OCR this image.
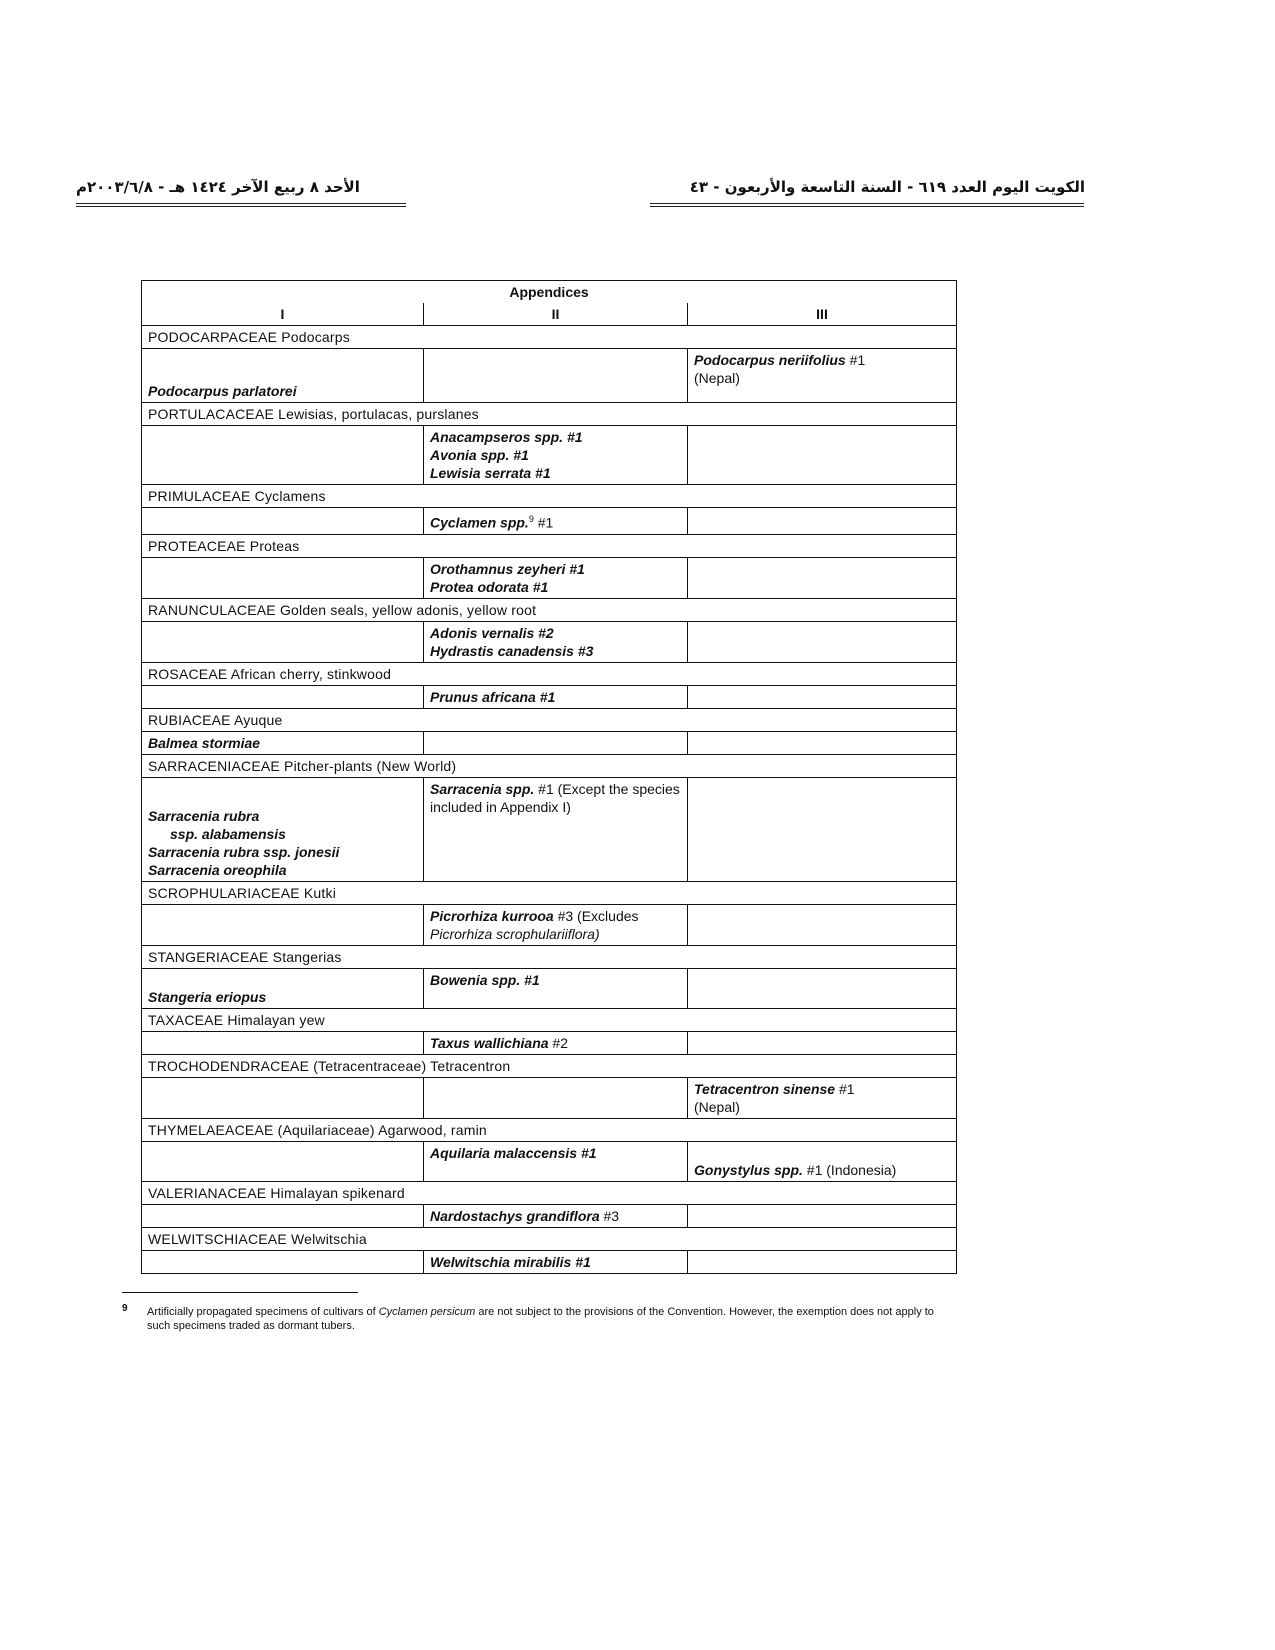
الأحد ٨ ربيع الآخر ١٤٢٤ هـ - ٢٠٠٣/٦/٨م	الكويت اليوم العدد ٦١٩ - السنة التاسعة والأربعون - ٤٣
Appendices		
I	II	III
PODOCARPACEAE Podocarps		
Podocarpus parlatorei		Podocarpus neriifolius #1
(Nepal)
PORTULACACEAE Lewisias, portulacas, purslanes		
	Anacampseros spp. #1
Avonia spp. #1
Lewisia serrata #1	
PRIMULACEAE Cyclamens		
	Cyclamen spp.$^9$ #1	
PROTEACEAE Proteas		
	Orothamnus zeyheri #1
Protea odorata #1	
RANUNCULACEAE Golden seals, yellow adonis, yellow root		
	Adonis vernalis #2
Hydrastis canadensis #3	
ROSACEAE African cherry, stinkwood		
	Prunus africana #1	
RUBIACEAE Ayuque		
Balmea stormiae		
SARRACENIACEAE Pitcher-plants (New World)		
Sarracenia rubra
ssp. alabamensis
Sarracenia rubra ssp. jonesii
Sarracenia oreophila	Sarracenia spp. #1 (Except the species included in Appendix I)	
SCROPHULARIACEAE Kutki		
	Picrorhiza kurrooa #3 (Excludes Picrorhiza scrophulariiflora)	
STANGERIACEAE Stangerias		
Stangeria eriopus	Bowenia spp. #1	
TAXACEAE Himalayan yew		
	Taxus wallichiana #2	
TROCHODENDRACEAE (Tetracentraceae) Tetracentron		
		Tetracentron sinense #1
(Nepal)
THYMELAEACEAE (Aquilariaceae) Agarwood, ramin		
	Aquilaria malaccensis #1	Gonystylus spp. #1 (Indonesia)
VALERIANACEAE Himalayan spikenard		
	Nardostachys grandiflora #3	
WELWITSCHIACEAE Welwitschia		
	Welwitschia mirabilis #1	
9 Artificially propagated specimens of cultivars of Cyclamen persicum are not subject to the provisions of the Convention. However, the exemption does not apply to such specimens traded as dormant tubers.
